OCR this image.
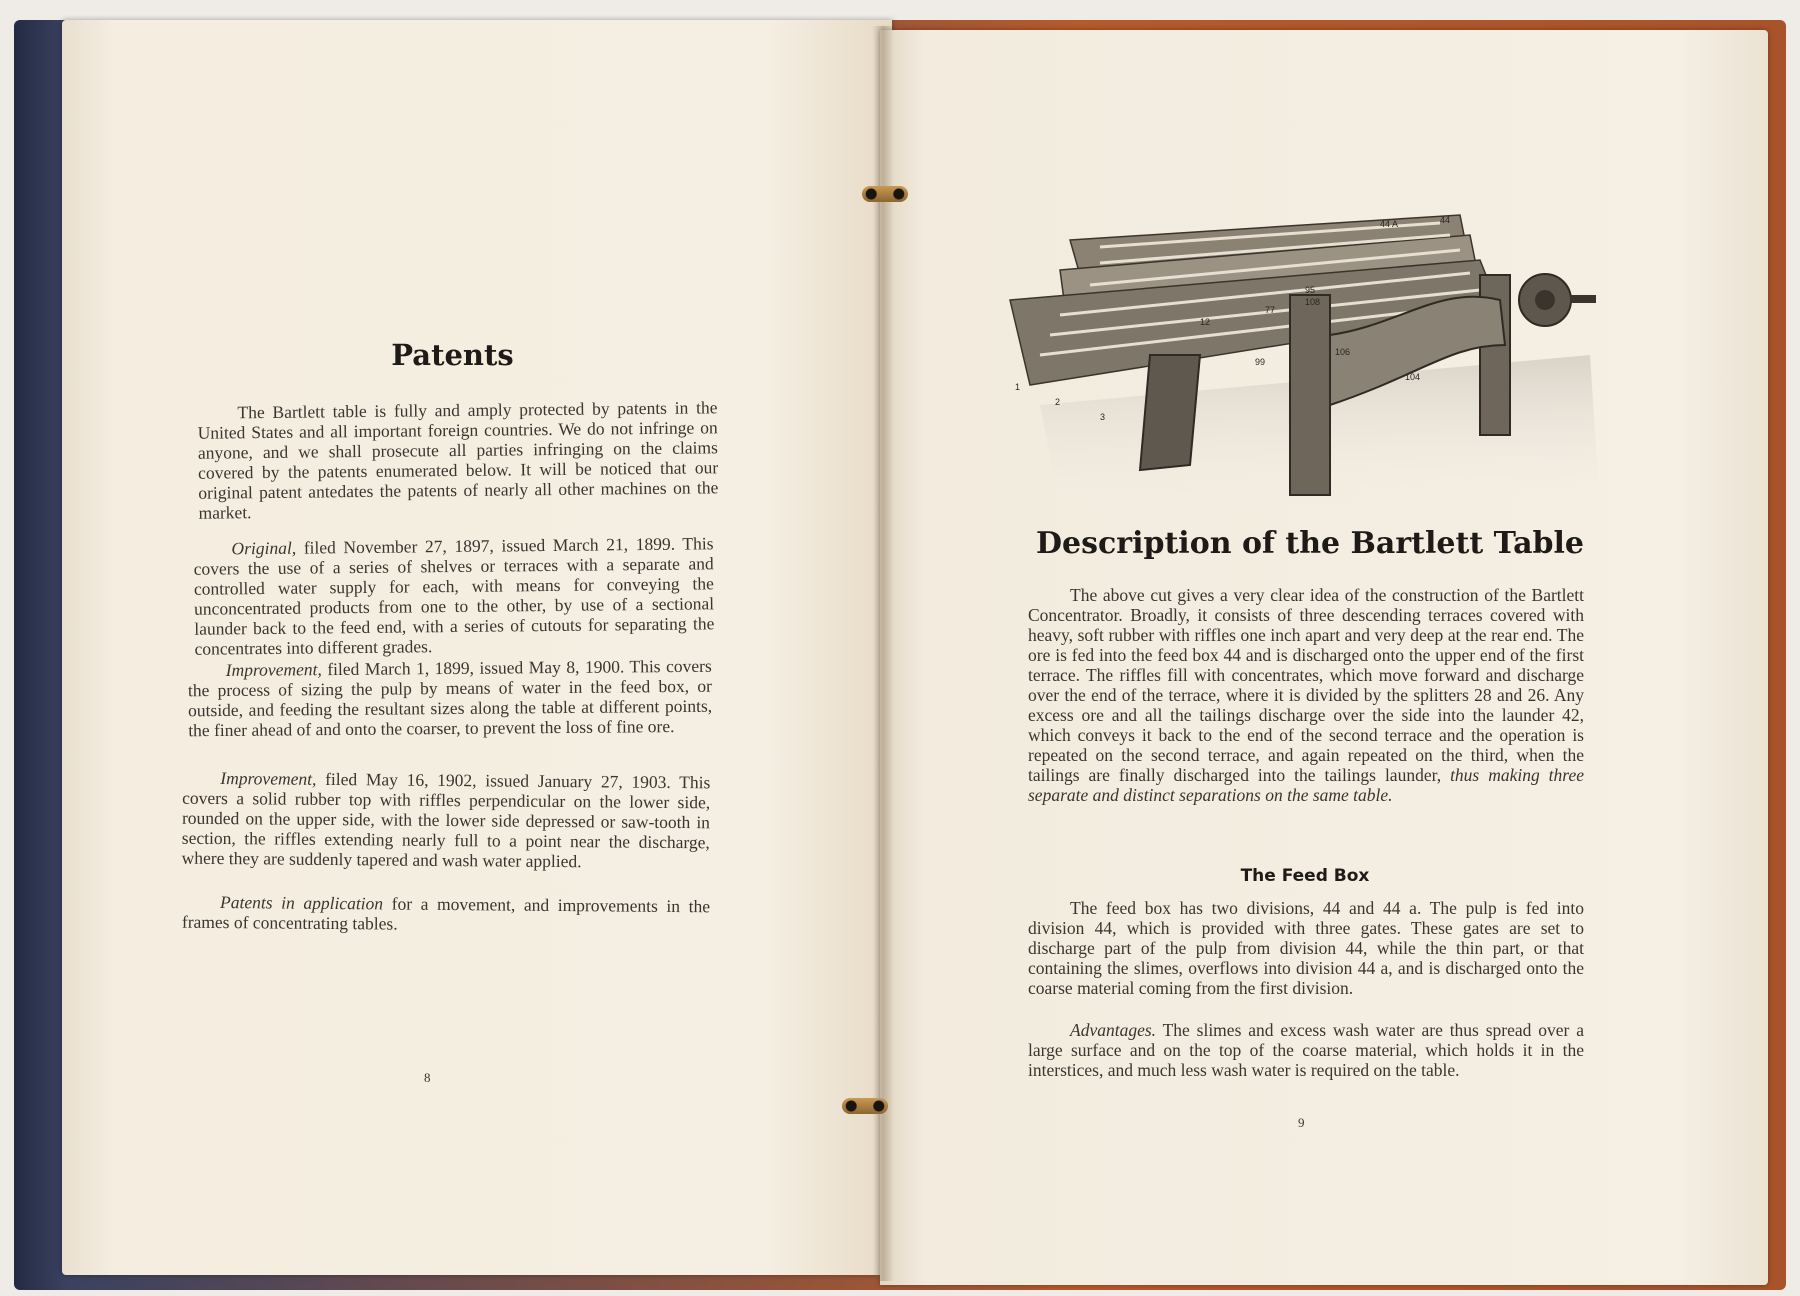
Patents

The Bartlett table is fully and amply protected by patents in the United States and all important foreign countries. We do not infringe on anyone, and we shall prosecute all parties infringing on the claims covered by the patents enumerated below. It will be noticed that our original patent antedates the patents of nearly all other machines on the market.

Original, filed November 27, 1897, issued March 21, 1899. This covers the use of a series of shelves or terraces with a separate and controlled water supply for each, with means for conveying the unconcentrated products from one to the other, by use of a sectional launder back to the feed end, with a series of cutouts for separating the concentrates into different grades.

Improvement, filed March 1, 1899, issued May 8, 1900. This covers the process of sizing the pulp by means of water in the feed box, or outside, and feeding the resultant sizes along the table at different points, the finer ahead of and onto the coarser, to prevent the loss of fine ore.

Improvement, filed May 16, 1902, issued January 27, 1903. This covers a solid rubber top with riffles perpendicular on the lower side, rounded on the upper side, with the lower side depressed or saw-tooth in section, the riffles extending nearly full to a point near the discharge, where they are suddenly tapered and wash water applied.

Patents in application for a movement, and improvements in the frames of concentrating tables.

8
44 A	44
1
2
3
12
77
95
108
106
104
99
Description of the Bartlett Table

The above cut gives a very clear idea of the construction of the Bartlett Concentrator. Broadly, it consists of three descending terraces covered with heavy, soft rubber with riffles one inch apart and very deep at the rear end. The ore is fed into the feed box 44 and is discharged onto the upper end of the first terrace. The riffles fill with concentrates, which move forward and discharge over the end of the terrace, where it is divided by the splitters 28 and 26. Any excess ore and all the tailings discharge over the side into the launder 42, which conveys it back to the end of the second terrace and the operation is repeated on the second terrace, and again repeated on the third, when the tailings are finally discharged into the tailings launder, thus making three separate and distinct separations on the same table.

The Feed Box

The feed box has two divisions, 44 and 44 a. The pulp is fed into division 44, which is provided with three gates. These gates are set to discharge part of the pulp from division 44, while the thin part, or that containing the slimes, overflows into division 44 a, and is discharged onto the coarse material coming from the first division.

Advantages. The slimes and excess wash water are thus spread over a large surface and on the top of the coarse material, which holds it in the interstices, and much less wash water is required on the table.

9
